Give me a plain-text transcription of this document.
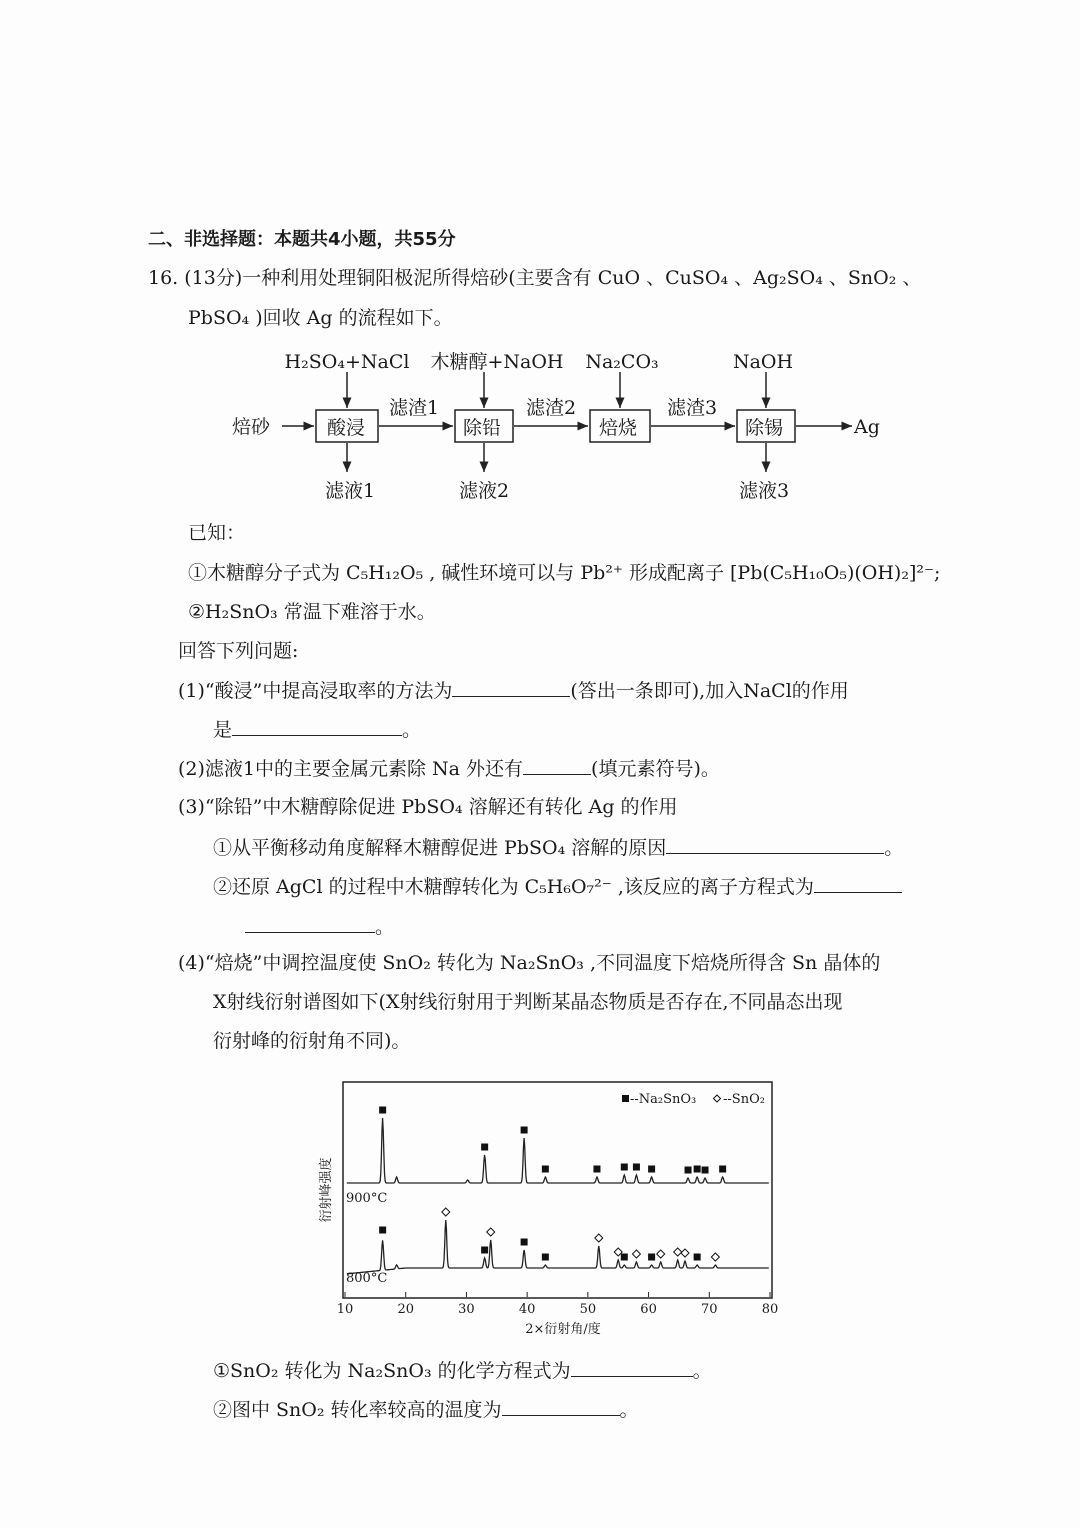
二、非选择题：本题共4小题，共55分
16. (13分)一种利用处理铜阳极泥所得焙砂(主要含有 CuO 、CuSO₄ 、Ag₂SO₄ 、SnO₂ 、
PbSO₄ )回收 Ag 的流程如下。
焙砂	Ag
酸浸	除铅	焙烧	除锡
H₂SO₄+NaCl 木糖醇+NaOH Na₂CO₃	NaOH
滤渣1	滤渣2	滤渣3
滤液1	滤液2	滤液3
已知：
①木糖醇分子式为 C₅H₁₂O₅ , 碱性环境可以与 Pb²⁺ 形成配离子 [Pb(C₅H₁₀O₅)(OH)₂]²⁻;
②H₂SnO₃ 常温下难溶于水。
回答下列问题:
(1)“酸浸”中提高浸取率的方法为	(答出一条即可),加入NaCl的作用
是	。
(2)滤液1中的主要金属元素除 Na 外还有	(填元素符号)。
(3)“除铅”中木糖醇除促进 PbSO₄ 溶解还有转化 Ag 的作用
①从平衡移动角度解释木糖醇促进 PbSO₄ 溶解的原因	。
②还原 AgCl 的过程中木糖醇转化为 C₅H₆O₇²⁻ ,该反应的离子方程式为
。
(4)“焙烧”中调控温度使 SnO₂ 转化为 Na₂SnO₃ ,不同温度下焙烧所得含 Sn 晶体的
X射线衍射谱图如下(X射线衍射用于判断某晶态物质是否存在,不同晶态出现
衍射峰的衍射角不同)。
10	20	30	40	50	60	70	80
--Na₂SnO₃ --SnO₂
900°C
800°C
2×衍射角/度
衍射峰强度
①SnO₂ 转化为 Na₂SnO₃ 的化学方程式为	。
②图中 SnO₂ 转化率较高的温度为	。
